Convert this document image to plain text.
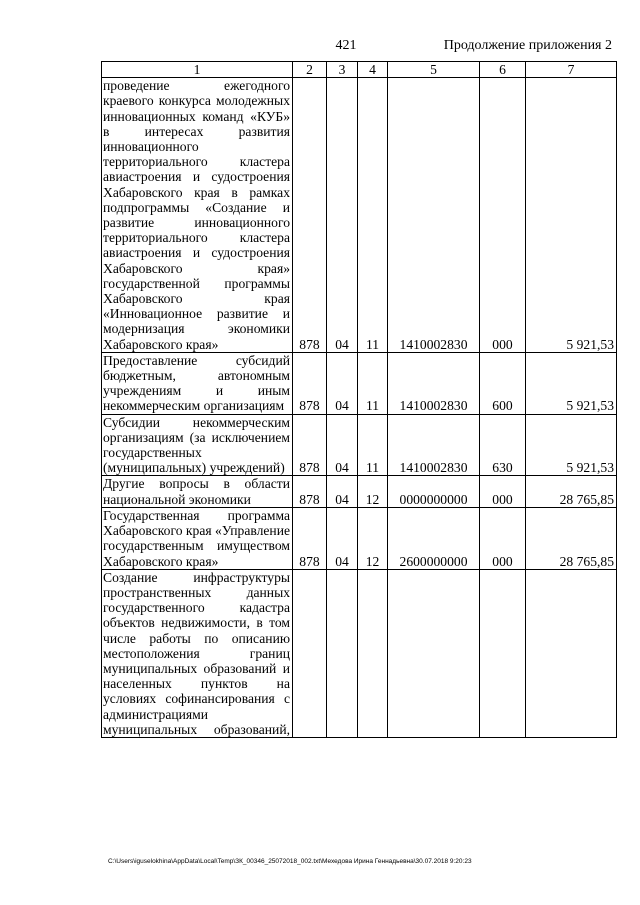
421	Продолжение приложения 2
1	2	3	4	5	6	7
проведение ежегодного краевого конкурса молодежных инновационных команд «КУБ» в интересах развития инновационного территориального кластера авиастроения и судостроения Хабаровского края в рамках подпрограммы «Создание и развитие инновационного территориального кластера авиастроения и судостроения Хабаровского края» государственной программы Хабаровского края «Инновационное развитие и модернизация экономики Хабаровского края»	878	04	11	1410002830	000	5 921,53
Предоставление субсидий бюджетным, автономным учреждениям и иным некоммерческим организациям	878	04	11	1410002830	600	5 921,53
Субсидии некоммерческим организациям (за исключением государственных (муниципальных) учреждений)	878	04	11	1410002830	630	5 921,53
Другие вопросы в области национальной экономики	878	04	12	0000000000	000	28 765,85
Государственная программа Хабаровского края «Управление государственным имуществом Хабаровского края»	878	04	12	2600000000	000	28 765,85
Создание инфраструктуры пространственных данных государственного кадастра объектов недвижимости, в том числе работы по описанию местоположения границ муниципальных образований и населенных пунктов на условиях софинансирования с администрациями муниципальных образований,						
C:\Users\iguselokhina\AppData\Local\Temp\ЗК_00346_25072018_002.txt\Мехедова Ирина Геннадьевна\30.07.2018 9:20:23
